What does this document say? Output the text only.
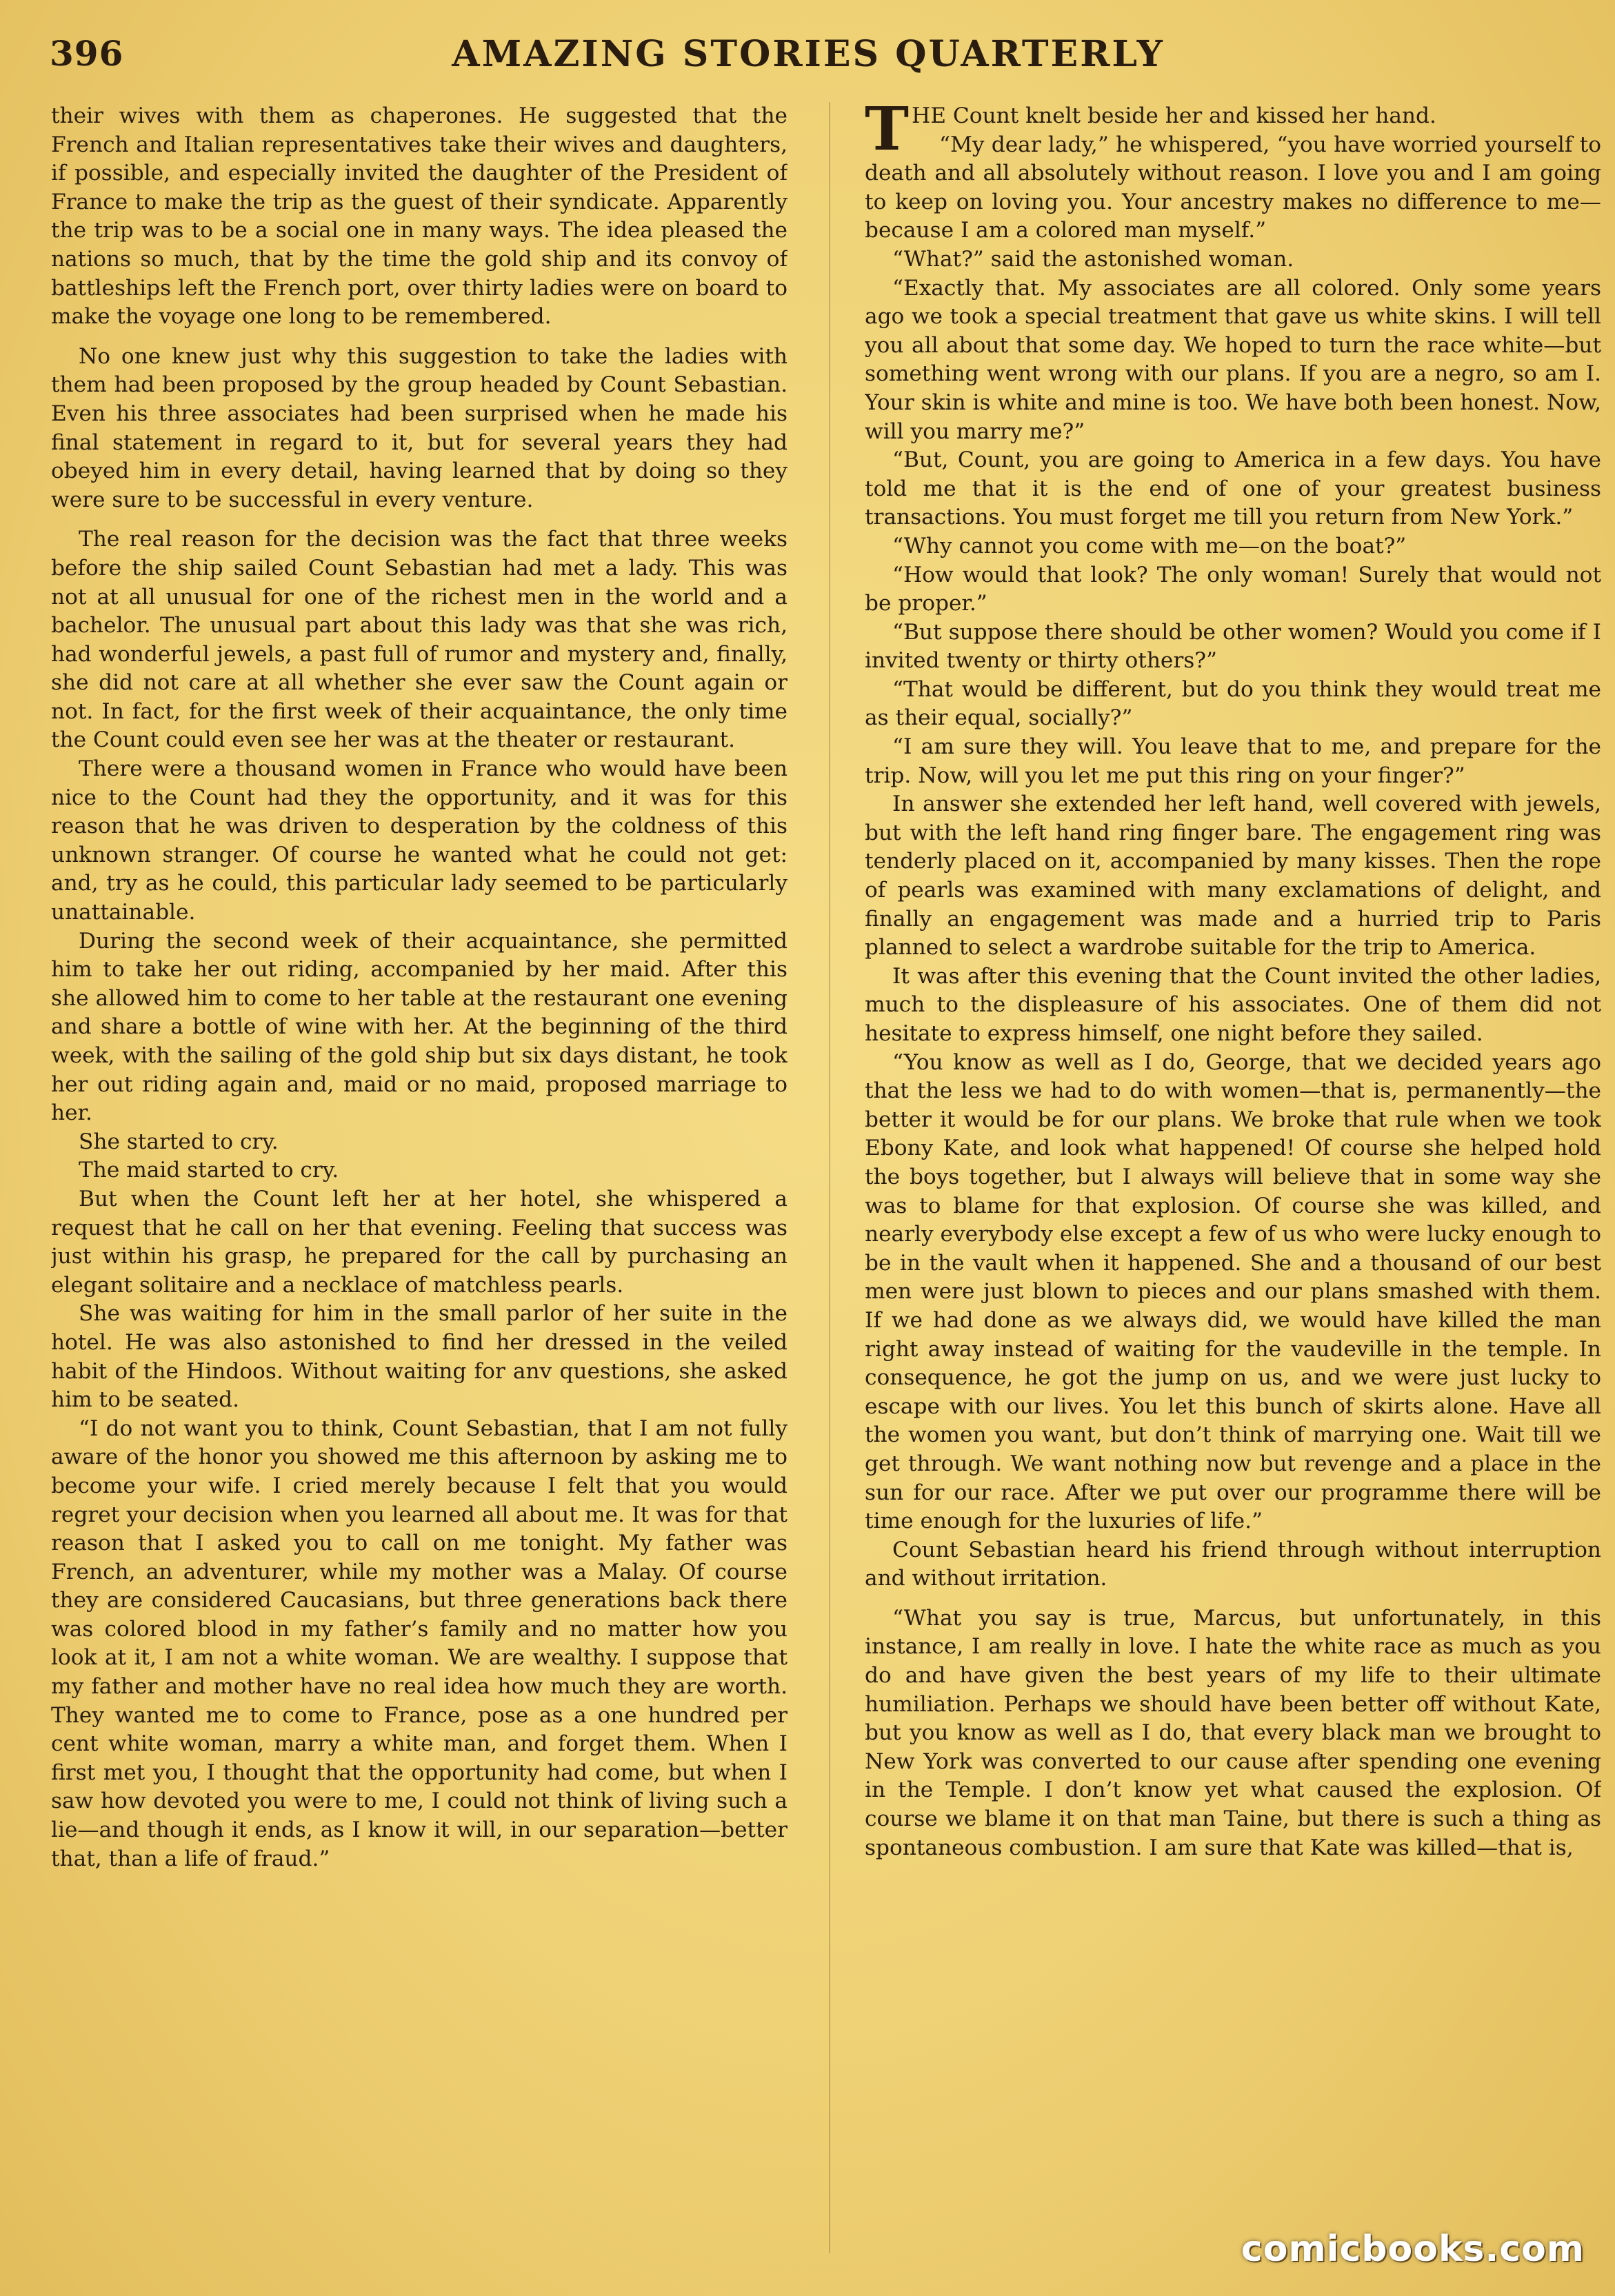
396	AMAZING STORIES QUARTERLY

their wives with them as chaperones. He suggested that the French and Italian representatives take their wives and daughters, if possible, and especially invited the daughter of the President of France to make the trip as the guest of their syndicate. Apparently the trip was to be a social one in many ways. The idea pleased the nations so much, that by the time the gold ship and its convoy of battleships left the French port, over thirty ladies were on board to make the voyage one long to be remembered.

No one knew just why this suggestion to take the ladies with them had been proposed by the group headed by Count Sebastian. Even his three associates had been surprised when he made his final statement in regard to it, but for several years they had obeyed him in every detail, having learned that by doing so they were sure to be successful in every venture.

The real reason for the decision was the fact that three weeks before the ship sailed Count Sebastian had met a lady. This was not at all unusual for one of the richest men in the world and a bachelor. The unusual part about this lady was that she was rich, had wonderful jewels, a past full of rumor and mystery and, finally, she did not care at all whether she ever saw the Count again or not. In fact, for the first week of their acquaintance, the only time the Count could even see her was at the theater or restaurant.

There were a thousand women in France who would have been nice to the Count had they the opportunity, and it was for this reason that he was driven to desperation by the coldness of this unknown stranger. Of course he wanted what he could not get: and, try as he could, this particular lady seemed to be particularly unattainable.

During the second week of their acquaintance, she permitted him to take her out riding, accompanied by her maid. After this she allowed him to come to her table at the restaurant one evening and share a bottle of wine with her. At the beginning of the third week, with the sailing of the gold ship but six days distant, he took her out riding again and, maid or no maid, proposed marriage to her.

She started to cry.

The maid started to cry.

But when the Count left her at her hotel, she whispered a request that he call on her that evening. Feeling that success was just within his grasp, he prepared for the call by purchasing an elegant solitaire and a necklace of matchless pearls.

She was waiting for him in the small parlor of her suite in the hotel. He was also astonished to find her dressed in the veiled habit of the Hindoos. Without waiting for anv questions, she asked him to be seated.

“I do not want you to think, Count Sebastian, that I am not fully aware of the honor you showed me this afternoon by asking me to become your wife. I cried merely because I felt that you would regret your decision when you learned all about me. It was for that reason that I asked you to call on me tonight. My father was French, an adventurer, while my mother was a Malay. Of course they are considered Caucasians, but three generations back there was colored blood in my father’s family and no matter how you look at it, I am not a white woman. We are wealthy. I suppose that my father and mother have no real idea how much they are worth. They wanted me to come to France, pose as a one hundred per cent white woman, marry a white man, and forget them. When I first met you, I thought that the opportunity had come, but when I saw how devoted you were to me, I could not think of living such a lie—and though it ends, as I know it will, in our separation—better that, than a life of fraud.”

THE Count knelt beside her and kissed her hand.

“My dear lady,” he whispered, “you have worried yourself to death and all absolutely without reason. I love you and I am going to keep on loving you. Your ancestry makes no difference to me—because I am a colored man myself.”

“What?” said the astonished woman.

“Exactly that. My associates are all colored. Only some years ago we took a special treatment that gave us white skins. I will tell you all about that some day. We hoped to turn the race white—but something went wrong with our plans. If you are a negro, so am I. Your skin is white and mine is too. We have both been honest. Now, will you marry me?”

“But, Count, you are going to America in a few days. You have told me that it is the end of one of your greatest business transactions. You must forget me till you return from New York.”

“Why cannot you come with me—on the boat?”

“How would that look? The only woman! Surely that would not be proper.”

“But suppose there should be other women? Would you come if I invited twenty or thirty others?”

“That would be different, but do you think they would treat me as their equal, socially?”

“I am sure they will. You leave that to me, and prepare for the trip. Now, will you let me put this ring on your finger?”

In answer she extended her left hand, well covered with jewels, but with the left hand ring finger bare. The engagement ring was tenderly placed on it, accompanied by many kisses. Then the rope of pearls was examined with many exclamations of delight, and finally an engagement was made and a hurried trip to Paris planned to select a wardrobe suitable for the trip to America.

It was after this evening that the Count invited the other ladies, much to the displeasure of his associates. One of them did not hesitate to express himself, one night before they sailed.

“You know as well as I do, George, that we decided years ago that the less we had to do with women—that is, permanently—the better it would be for our plans. We broke that rule when we took Ebony Kate, and look what happened! Of course she helped hold the boys together, but I always will believe that in some way she was to blame for that explosion. Of course she was killed, and nearly everybody else except a few of us who were lucky enough to be in the vault when it happened. She and a thousand of our best men were just blown to pieces and our plans smashed with them. If we had done as we always did, we would have killed the man right away instead of waiting for the vaudeville in the temple. In consequence, he got the jump on us, and we were just lucky to escape with our lives. You let this bunch of skirts alone. Have all the women you want, but don’t think of marrying one. Wait till we get through. We want nothing now but revenge and a place in the sun for our race. After we put over our programme there will be time enough for the luxuries of life.”

Count Sebastian heard his friend through without interruption and without irritation.

“What you say is true, Marcus, but unfortunately, in this instance, I am really in love. I hate the white race as much as you do and have given the best years of my life to their ultimate humiliation. Perhaps we should have been better off without Kate, but you know as well as I do, that every black man we brought to New York was converted to our cause after spending one evening in the Temple. I don’t know yet what caused the explosion. Of course we blame it on that man Taine, but there is such a thing as spontaneous combustion. I am sure that Kate was killed—that is,

comicbooks.com
